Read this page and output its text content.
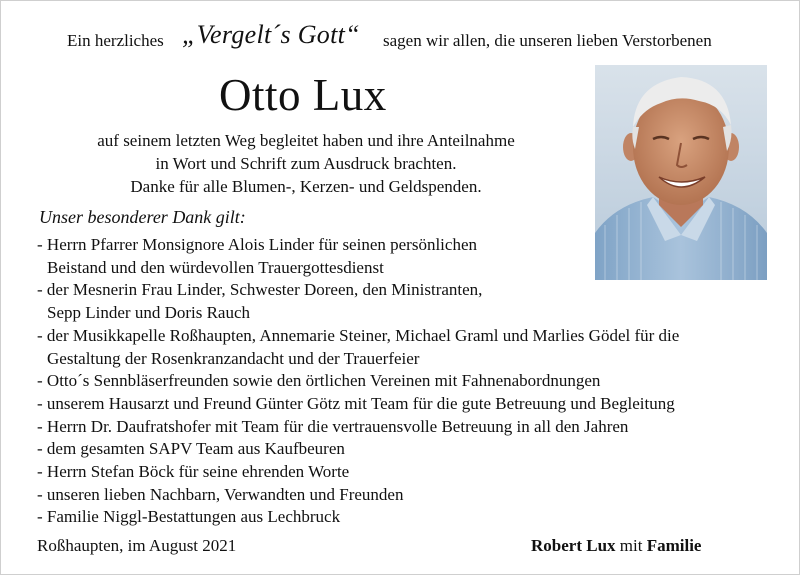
Ein herzliches „Vergelt´s Gott“ sagen wir allen, die unseren lieben Verstorbenen
Otto Lux
auf seinem letzten Weg begleitet haben und ihre Anteilnahme
in Wort und Schrift zum Ausdruck brachten.
Danke für alle Blumen-, Kerzen- und Geldspenden.
Unser besonderer Dank gilt:
- Herrn Pfarrer Monsignore Alois Linder für seinen persönlichen
Beistand und den würdevollen Trauergottesdienst
- der Mesnerin Frau Linder, Schwester Doreen, den Ministranten,
Sepp Linder und Doris Rauch
- der Musikkapelle Roßhaupten, Annemarie Steiner, Michael Graml und Marlies Gödel für die
Gestaltung der Rosenkranzandacht und der Trauerfeier
- Otto´s Sennbläserfreunden sowie den örtlichen Vereinen mit Fahnenabordnungen
- unserem Hausarzt und Freund Günter Götz mit Team für die gute Betreuung und Begleitung
- Herrn Dr. Daufratshofer mit Team für die vertrauensvolle Betreuung in all den Jahren
- dem gesamten SAPV Team aus Kaufbeuren
- Herrn Stefan Böck für seine ehrenden Worte
- unseren lieben Nachbarn, Verwandten und Freunden
- Familie Niggl-Bestattungen aus Lechbruck
Roßhaupten, im August 2021	Robert Lux mit Familie
